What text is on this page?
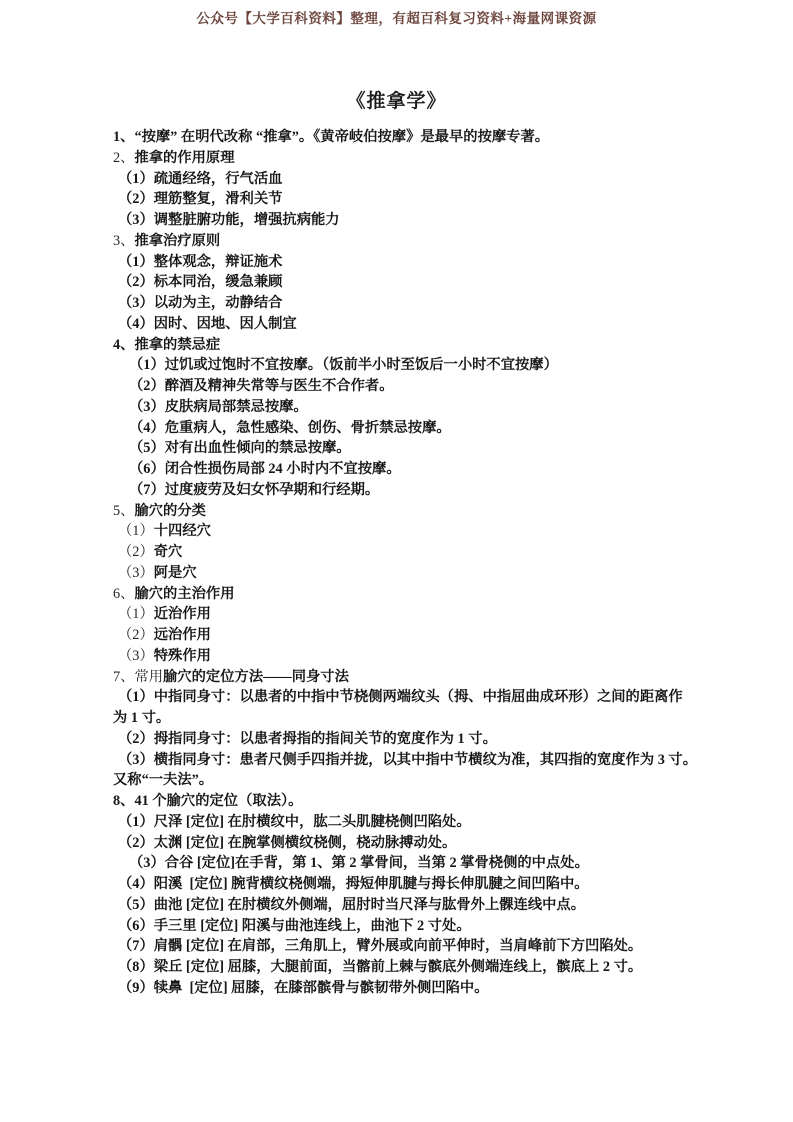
公众号【大学百科资料】整理，有超百科复习资料+海量网课资源
《推拿学》
1、“按摩” 在明代改称 “推拿”。《黄帝岐伯按摩》是最早的按摩专著。
2、推拿的作用原理
（1）疏通经络，行气活血
（2）理筋整复，滑利关节
（3）调整脏腑功能，增强抗病能力
3、推拿治疗原则
（1）整体观念，辩证施术
（2）标本同治，缓急兼顾
（3）以动为主，动静结合
（4）因时、因地、因人制宜
4、推拿的禁忌症
（1）过饥或过饱时不宜按摩。（饭前半小时至饭后一小时不宜按摩）
（2）醉酒及精神失常等与医生不合作者。
（3）皮肤病局部禁忌按摩。
（4）危重病人，急性感染、创伤、骨折禁忌按摩。
（5）对有出血性倾向的禁忌按摩。
（6）闭合性损伤局部 24 小时内不宜按摩。
（7）过度疲劳及妇女怀孕期和行经期。
5、腧穴的分类
（1）十四经穴
（2）奇穴
（3）阿是穴
6、腧穴的主治作用
（1）近治作用
（2）远治作用
（3）特殊作用
7、常用腧穴的定位方法——同身寸法
（1）中指同身寸：以患者的中指中节桡侧两端纹头（拇、中指屈曲成环形）之间的距离作
为 1 寸。
（2）拇指同身寸：以患者拇指的指间关节的宽度作为 1 寸。
（3）横指同身寸：患者尺侧手四指并拢，以其中指中节横纹为准，其四指的宽度作为 3 寸。
又称“一夫法”。
8、41 个腧穴的定位（取法）。
（1）尺泽 [定位] 在肘横纹中，肱二头肌腱桡侧凹陷处。
（2）太渊 [定位] 在腕掌侧横纹桡侧，桡动脉搏动处。
（3）合谷 [定位]在手背，第 1、第 2 掌骨间，当第 2 掌骨桡侧的中点处。
（4）阳溪  [定位] 腕背横纹桡侧端，拇短伸肌腱与拇长伸肌腱之间凹陷中。
（5）曲池 [定位] 在肘横纹外侧端，屈肘时当尺泽与肱骨外上髁连线中点。
（6）手三里 [定位] 阳溪与曲池连线上，曲池下 2 寸处。
（7）肩髃 [定位] 在肩部，三角肌上，臂外展或向前平伸时，当肩峰前下方凹陷处。
（8）梁丘 [定位] 屈膝，大腿前面，当髂前上棘与髌底外侧端连线上，髌底上 2 寸。
（9）犊鼻  [定位] 屈膝，在膝部髌骨与髌韧带外侧凹陷中。
